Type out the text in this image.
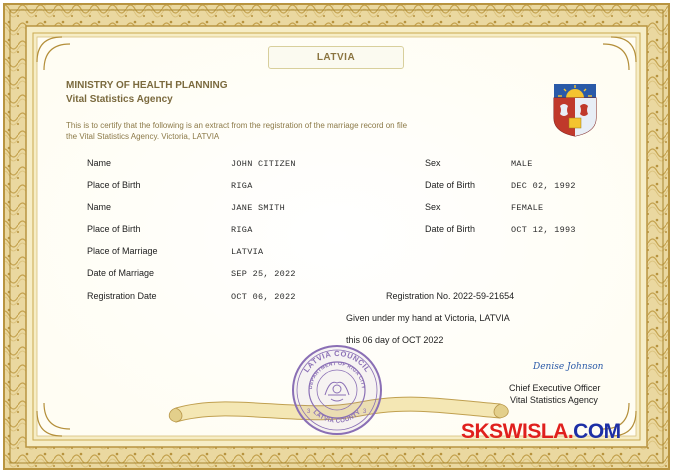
LATVIA
MINISTRY OF HEALTH PLANNING
Vital Statistics Agency
This is to certify that the following is an extract from the registration of the marriage record on file
the Vital Statistics Agency. Victoria, LATVIA
Name	JOHN CITIZEN	Sex	MALE
Place of Birth	RIGA	Date of Birth	DEC 02, 1992
Name	JANE SMITH	Sex	FEMALE
Place of Birth	RIGA	Date of Birth	OCT 12, 1993
Place of Marriage	LATVIA
Date of Marriage	SEP 25, 2022
Registration Date	OCT 06, 2022	Registration No. 2022-59-21654
Given under my hand at Victoria, LATVIA
this 06 day of OCT 2022
LATVIA COUNCIL
DEPARTMENT OF RIGA CITY
LATVIA COUNTY
3	3
Denise Johnson
Chief Executive Officer
Vital Statistics Agency
SKSWISLA.COM
